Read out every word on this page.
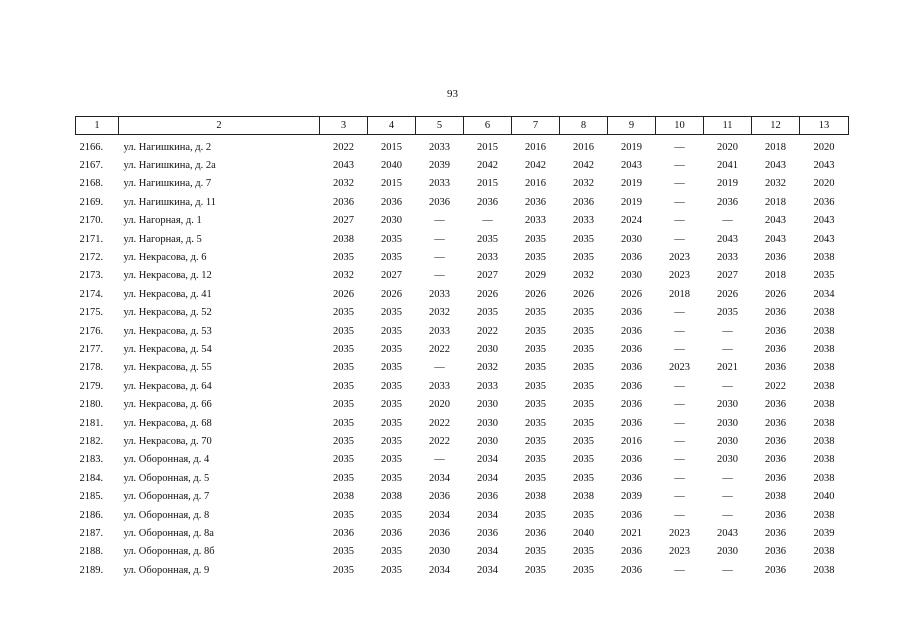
93
1	2	3	4	5	6	7	8	9	10	11	12	13
2166.	ул. Нагишкина, д. 2	2022	2015	2033	2015	2016	2016	2019	—	2020	2018	2020
2167.	ул. Нагишкина, д. 2а	2043	2040	2039	2042	2042	2042	2043	—	2041	2043	2043
2168.	ул. Нагишкина, д. 7	2032	2015	2033	2015	2016	2032	2019	—	2019	2032	2020
2169.	ул. Нагишкина, д. 11	2036	2036	2036	2036	2036	2036	2019	—	2036	2018	2036
2170.	ул. Нагорная, д. 1	2027	2030	—	—	2033	2033	2024	—	—	2043	2043
2171.	ул. Нагорная, д. 5	2038	2035	—	2035	2035	2035	2030	—	2043	2043	2043
2172.	ул. Некрасова, д. 6	2035	2035	—	2033	2035	2035	2036	2023	2033	2036	2038
2173.	ул. Некрасова, д. 12	2032	2027	—	2027	2029	2032	2030	2023	2027	2018	2035
2174.	ул. Некрасова, д. 41	2026	2026	2033	2026	2026	2026	2026	2018	2026	2026	2034
2175.	ул. Некрасова, д. 52	2035	2035	2032	2035	2035	2035	2036	—	2035	2036	2038
2176.	ул. Некрасова, д. 53	2035	2035	2033	2022	2035	2035	2036	—	—	2036	2038
2177.	ул. Некрасова, д. 54	2035	2035	2022	2030	2035	2035	2036	—	—	2036	2038
2178.	ул. Некрасова, д. 55	2035	2035	—	2032	2035	2035	2036	2023	2021	2036	2038
2179.	ул. Некрасова, д. 64	2035	2035	2033	2033	2035	2035	2036	—	—	2022	2038
2180.	ул. Некрасова, д. 66	2035	2035	2020	2030	2035	2035	2036	—	2030	2036	2038
2181.	ул. Некрасова, д. 68	2035	2035	2022	2030	2035	2035	2036	—	2030	2036	2038
2182.	ул. Некрасова, д. 70	2035	2035	2022	2030	2035	2035	2016	—	2030	2036	2038
2183.	ул. Оборонная, д. 4	2035	2035	—	2034	2035	2035	2036	—	2030	2036	2038
2184.	ул. Оборонная, д. 5	2035	2035	2034	2034	2035	2035	2036	—	—	2036	2038
2185.	ул. Оборонная, д. 7	2038	2038	2036	2036	2038	2038	2039	—	—	2038	2040
2186.	ул. Оборонная, д. 8	2035	2035	2034	2034	2035	2035	2036	—	—	2036	2038
2187.	ул. Оборонная, д. 8а	2036	2036	2036	2036	2036	2040	2021	2023	2043	2036	2039
2188.	ул. Оборонная, д. 8б	2035	2035	2030	2034	2035	2035	2036	2023	2030	2036	2038
2189.	ул. Оборонная, д. 9	2035	2035	2034	2034	2035	2035	2036	—	—	2036	2038
